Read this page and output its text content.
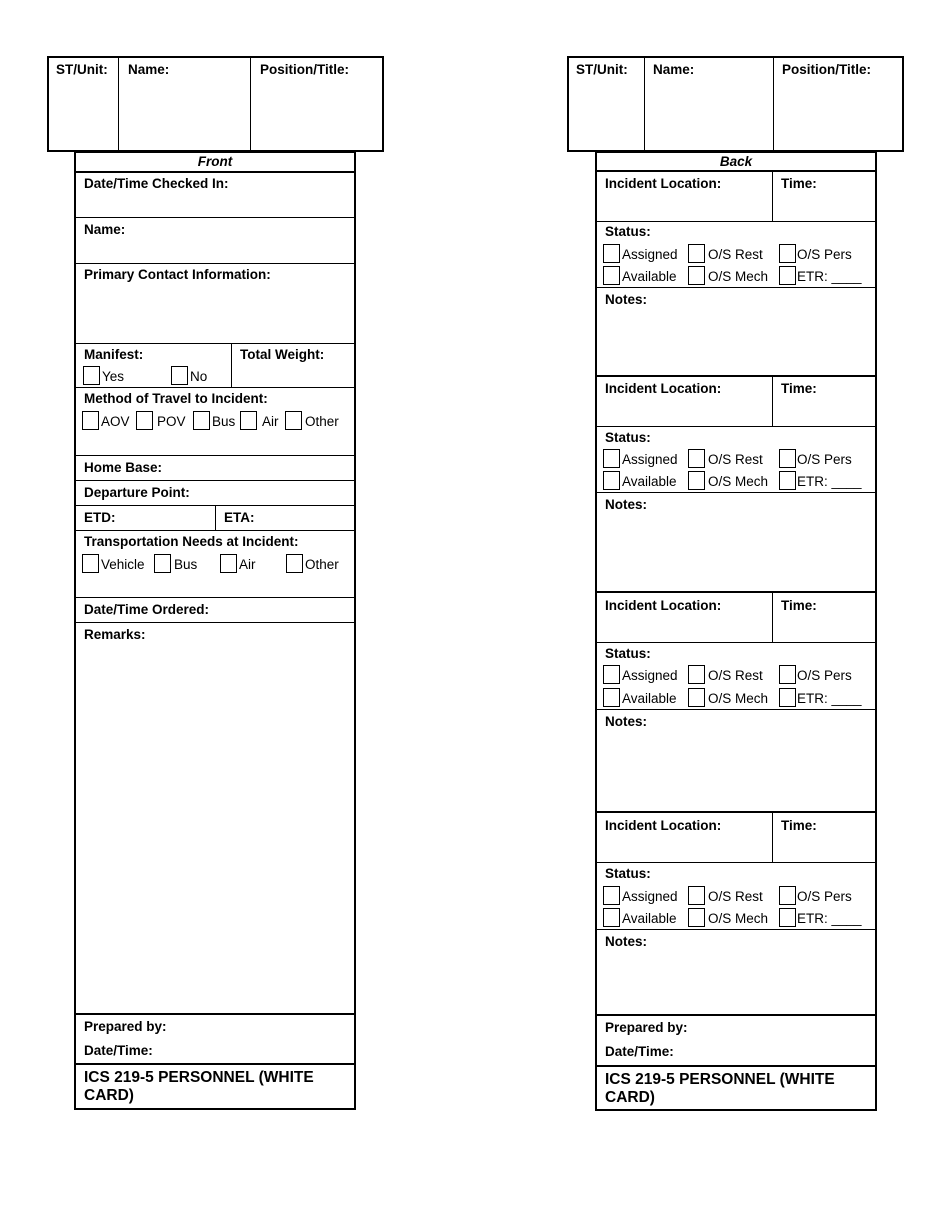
ST/Unit: Name:	Position/Title:
Front
Date/Time Checked In:
Name:
Primary Contact Information:
Manifest:	Total Weight:
Yes	No
Method of Travel to Incident:
AOV POV Bus Air Other
Home Base:
Departure Point:
ETD:	ETA:
Transportation Needs at Incident:
Vehicle Bus	Air	Other
Date/Time Ordered:
Remarks:
Prepared by:
Date/Time:
ICS 219-5 PERSONNEL (WHITE CARD)
ST/Unit: Name:	Position/Title:
Back
Incident Location:	Time:
Status:
Assigned O/S Rest	O/S Pers
Available O/S Mech ETR: ____
Notes:
Incident Location:	Time:
Status:
Assigned O/S Rest	O/S Pers
Available O/S Mech ETR: ____
Notes:
Incident Location:	Time:
Status:
Assigned O/S Rest	O/S Pers
Available O/S Mech ETR: ____
Notes:
Incident Location:	Time:
Status:
Assigned O/S Rest	O/S Pers
Available O/S Mech ETR: ____
Notes:
Prepared by:
Date/Time:
ICS 219-5 PERSONNEL (WHITE CARD)
